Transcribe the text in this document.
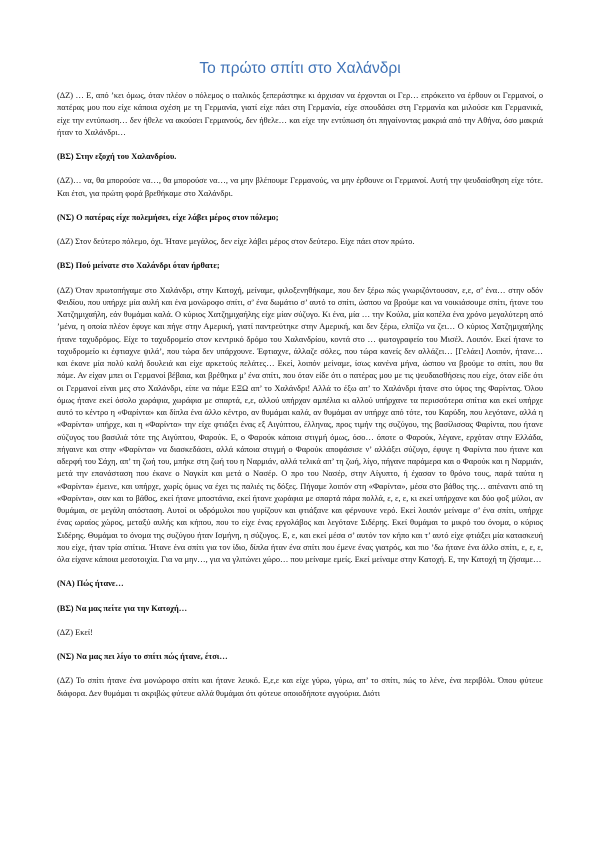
Το πρώτο σπίτι στο Χαλάνδρι

(ΔΖ) … Ε, από ’κει όμως, όταν πλέον ο πόλεμος ο ιταλικός ξεπεράστηκε κι άρχισαν να έρχονται οι Γερ… επρόκειτο να έρθουν οι Γερμανοί, ο πατέρας μου που είχε κάποια σχέση με τη Γερμανία, γιατί είχε πάει στη Γερμανία, είχε σπουδάσει στη Γερμανία και μιλούσε και Γερμανικά, είχε την εντύπωση… δεν ήθελε να ακούσει Γερμανούς, δεν ήθελε… και είχε την εντύπωση ότι πηγαίνοντας μακριά από την Αθήνα, όσο μακριά ήταν το Χαλάνδρι…

(ΒΣ) Στην εξοχή του Χαλανδρίου.

(ΔΖ)… να, θα μπορούσε να…, θα μπορούσε να…, να μην βλέπουμε Γερμανούς, να μην έρθουνε οι Γερμανοί. Αυτή την ψευδαίσθηση είχε τότε. Και έτσι, για πρώτη φορά βρεθήκαμε στο Χαλάνδρι.

(ΝΣ) Ο πατέρας είχε πολεμήσει, είχε λάβει μέρος στον πόλεμο;

(ΔΖ) Στον δεύτερο πόλεμο, όχι. Ήτανε μεγάλος, δεν είχε λάβει μέρος στον δεύτερο. Είχε πάει στον πρώτο.

(ΒΣ) Πού μείνατε στο Χαλάνδρι όταν ήρθατε;

(ΔΖ) Όταν πρωτοπήγαμε στο Χαλάνδρι, στην Κατοχή, μείναμε, φιλοξενηθήκαμε, που δεν ξέρω πώς γνωριζόντουσαν, ε,ε, σ’ ένα… στην οδόν Φειδίου, που υπήρχε μία αυλή και ένα μονώροφο σπίτι, σ’ ένα δωμάτιο σ’ αυτό το σπίτι, ώσπου να βρούμε και να νοικιάσουμε σπίτι, ήτανε του Χατζημιχαήλη, εάν θυμάμαι καλά. Ο κύριος Χατζημιχαήλης είχε μίαν σύζυγο. Κι ένα, μία … την Κούλα, μία κοπέλα ένα χρόνο μεγαλύτερη από ’μένα, η οποία πλέον έφυγε και πήγε στην Αμερική, γιατί παντρεύτηκε στην Αμερική, και δεν ξέρω, ελπίζω να ζει… Ο κύριος Χατζημιχαήλης ήτανε ταχυδρόμος. Είχε το ταχυδρομείο στον κεντρικό δρόμο του Χαλανδρίου, κοντά στο … φωτογραφείο του Μισέλ. Λοιπόν. Εκεί ήτανε το ταχυδρομείο κι έφτιαχνε ψιλά’, που τώρα δεν υπάρχουνε. Έφτιαχνε, άλλαζε σόλες, που τώρα κανείς δεν αλλάζει… [Γελάει] Λοιπόν, ήτανε… και έκανε μία πολύ καλή δουλειά και είχε αρκετούς πελάτες… Εκεί, λοιπόν μείναμε, ίσως κανένα μήνα, ώσπου να βρούμε το σπίτι, που θα πάμε. Αν είχαν μπει οι Γερμανοί βέβαια, και βρέθηκα μ’ ένα σπίτι, που όταν είδε ότι ο πατέρας μου με τις ψευδαισθήσεις που είχε, όταν είδε ότι οι Γερμανοί είναι μες στο Χαλάνδρι, είπε να πάμε ΕΞΩ απ’ το Χαλάνδρι! Αλλά το έξω απ’ το Χαλάνδρι ήτανε στο ύψος της Φαρίντας. Όλου όμως ήτανε εκεί όσολο χωράφια, χωράφια με σπαρτά, ε,ε, αλλού υπήρχαν αμπέλια κι αλλού υπήρχανε τα περισσότερα σπίτια και εκεί υπήρχε αυτό το κέντρο η «Φαρίντα» και δίπλα ένα άλλο κέντρο, αν θυμάμαι καλά, αν θυμάμαι αν υπήρχε από τότε, του Καρύδη, που λεγότανε, αλλά η «Φαρίντα» υπήρχε, και η «Φαρίντα» την είχε φτιάξει ένας εξ Αιγύπτου, έλληνας, προς τιμήν της συζύγου, της βασίλισσας Φαρίντα, που ήτανε σύζυγος του βασιλιά τότε της Αιγύπτου, Φαρούκ. Ε, ο Φαρούκ κάποια στιγμή όμως, όσο… όποτε ο Φαρούκ, λέγανε, ερχόταν στην Ελλάδα, πήγαινε και στην «Φαρίντα» να διασκεδάσει, αλλά κάποια στιγμή ο Φαρούκ αποφάσισε ν’ αλλάξει σύζυγο, έφυγε η Φαρίντα που ήτανε και αδερφή του Σάχη, απ’ τη ζωή του, μπήκε στη ζωή του η Ναρμιάν, αλλά τελικά απ’ τη ζωή, λίγο, πήγανε παράμερα και ο Φαρούκ και η Ναρμιάν, μετά την επανάσταση που έκανε ο Ναγκίπ και μετά ο Νασέρ. Ο προ του Νασέρ, στην Αίγυπτο, ή έχασαν το θρόνο τους, παρά ταύτα η «Φαρίντα» έμεινε, και υπήρχε, χωρίς όμως να έχει τις παλιές τις δόξες. Πήγαμε λοιπόν στη «Φαρίντα», μέσα στο βάθος της… απέναντι από τη «Φαρίντα», σαν και το βάθος, εκεί ήτανε μποστάνια, εκεί ήτανε χωράφια με σπαρτά πάρα πολλά, ε, ε, ε, κι εκεί υπήρχανε και δύο φοξ μύλοι, αν θυμάμαι, σε μεγάλη απόσταση. Αυτοί οι υδρόμυλοι που γυρίζουν και φτιάξανε και φέρνουνε νερό. Εκεί λοιπόν μείναμε σ’ ένα σπίτι, υπήρχε ένας ωραίος χώρος, μεταξύ αυλής και κήπου, που το είχε ένας εργολάβος και λεγότανε Σιδέρης. Εκεί θυμάμαι το μικρό του όνομα, ο κύριος Σιδέρης. Θυμάμαι το όνομα της συζύγου ήταν Ισμήνη, η σύζυγος. Ε, ε, και εκεί μέσα σ’ αυτόν τον κήπο και τ’ αυτό είχε φτιάξει μία κατασκευή που είχε, ήταν τρία σπίτια. Ήτανε ένα σπίτι για τον ίδιο, δίπλα ήταν ένα σπίτι που έμενε ένας γιατρός, και πιο ’δω ήτανε ένα άλλο σπίτι, ε, ε, ε, όλα είχανε κάποια μεσοτοιχία. Για να μην…, για να γλιτώνει χώρο… που μείναμε εμείς. Εκεί μείναμε στην Κατοχή. Ε, την Κατοχή τη ζήσαμε…

(ΝΑ) Πώς ήτανε…

(ΒΣ) Να μας πείτε για την Κατοχή…

(ΔΖ) Εκεί!

(ΝΣ) Να μας πει λίγο το σπίτι πώς ήτανε, έτσι…

(ΔΖ) Το σπίτι ήτανε ένα μονώροφο σπίτι και ήτανε λευκό. Ε,ε,ε και είχε γύρω, γύρω, απ’ το σπίτι, πώς το λένε, ένα περιβόλι. Όπου φύτευε διάφορα. Δεν θυμάμαι τι ακριβώς φύτευε αλλά θυμάμαι ότι φύτευε οποιοδήποτε αγγούρια. Διότι
